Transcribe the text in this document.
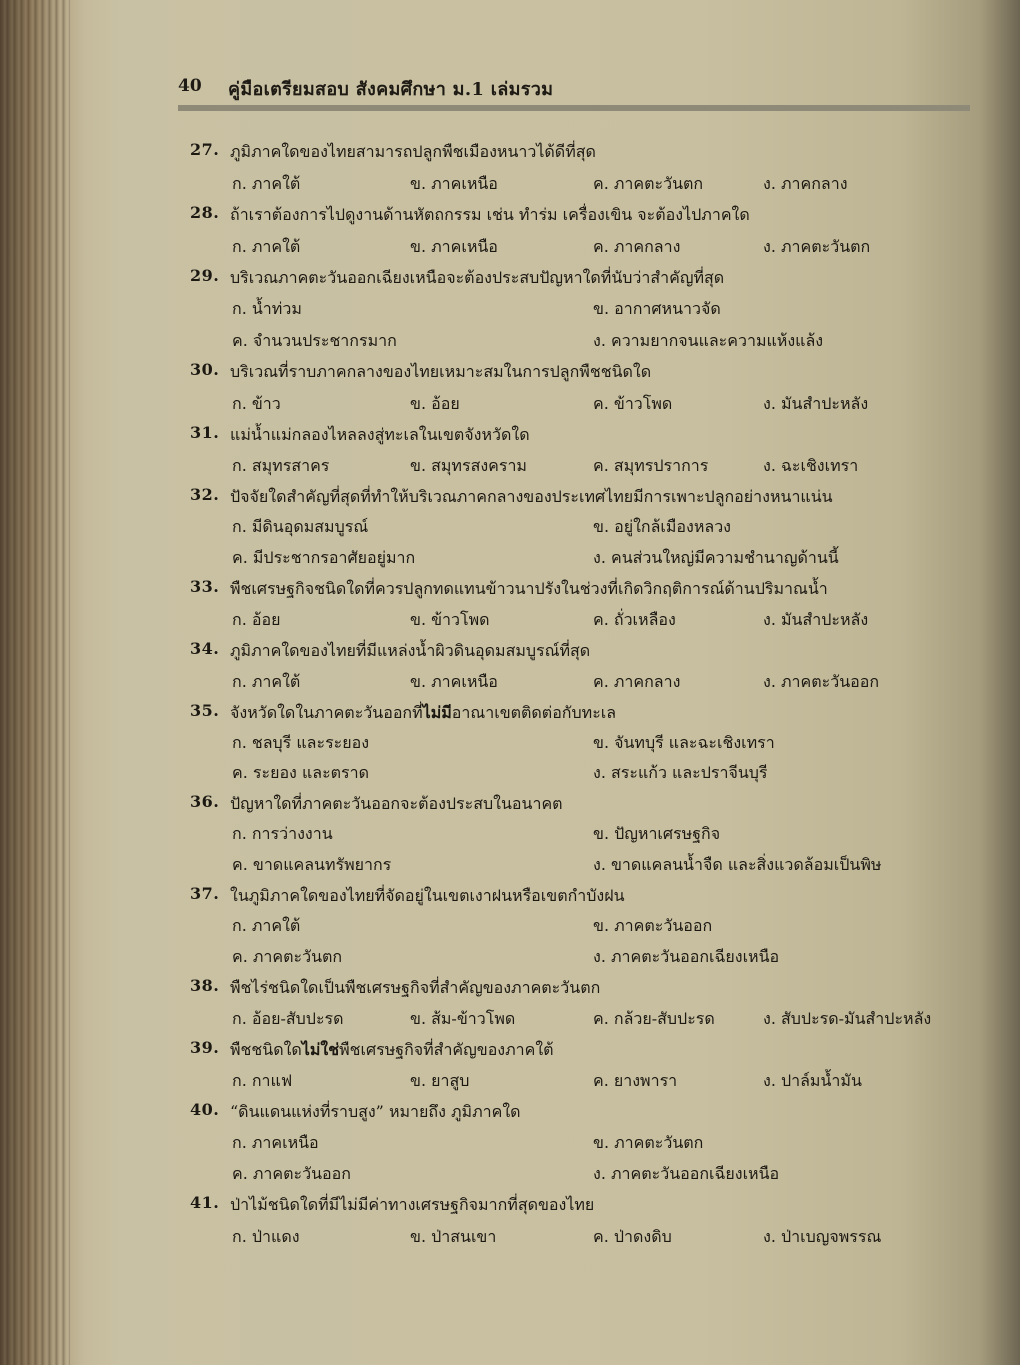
40 คู่มือเตรียมสอบ สังคมศึกษา ม.1 เล่มรวม
27. ภูมิภาคใดของไทยสามารถปลูกพืชเมืองหนาวได้ดีที่สุด
ก. ภาคใต้	ข. ภาคเหนือ	ค. ภาคตะวันตก	ง. ภาคกลาง
28. ถ้าเราต้องการไปดูงานด้านหัตถกรรม เช่น ทำร่ม เครื่องเขิน จะต้องไปภาคใด
ก. ภาคใต้	ข. ภาคเหนือ	ค. ภาคกลาง	ง. ภาคตะวันตก
29. บริเวณภาคตะวันออกเฉียงเหนือจะต้องประสบปัญหาใดที่นับว่าสำคัญที่สุด
ก. น้ำท่วม	ข. อากาศหนาวจัด
ค. จำนวนประชากรมาก	ง. ความยากจนและความแห้งแล้ง
30. บริเวณที่ราบภาคกลางของไทยเหมาะสมในการปลูกพืชชนิดใด
ก. ข้าว	ข. อ้อย	ค. ข้าวโพด	ง. มันสำปะหลัง
31. แม่น้ำแม่กลองไหลลงสู่ทะเลในเขตจังหวัดใด
ก. สมุทรสาคร	ข. สมุทรสงคราม	ค. สมุทรปราการ	ง. ฉะเชิงเทรา
32. ปัจจัยใดสำคัญที่สุดที่ทำให้บริเวณภาคกลางของประเทศไทยมีการเพาะปลูกอย่างหนาแน่น
ก. มีดินอุดมสมบูรณ์	ข. อยู่ใกล้เมืองหลวง
ค. มีประชากรอาศัยอยู่มาก	ง. คนส่วนใหญ่มีความชำนาญด้านนี้
33. พืชเศรษฐกิจชนิดใดที่ควรปลูกทดแทนข้าวนาปรังในช่วงที่เกิดวิกฤติการณ์ด้านปริมาณน้ำ
ก. อ้อย	ข. ข้าวโพด	ค. ถั่วเหลือง	ง. มันสำปะหลัง
34. ภูมิภาคใดของไทยที่มีแหล่งน้ำผิวดินอุดมสมบูรณ์ที่สุด
ก. ภาคใต้	ข. ภาคเหนือ	ค. ภาคกลาง	ง. ภาคตะวันออก
35. จังหวัดใดในภาคตะวันออกที่ไม่มีอาณาเขตติดต่อกับทะเล
ก. ชลบุรี และระยอง	ข. จันทบุรี และฉะเชิงเทรา
ค. ระยอง และตราด	ง. สระแก้ว และปราจีนบุรี
36. ปัญหาใดที่ภาคตะวันออกจะต้องประสบในอนาคต
ก. การว่างงาน	ข. ปัญหาเศรษฐกิจ
ค. ขาดแคลนทรัพยากร	ง. ขาดแคลนน้ำจืด และสิ่งแวดล้อมเป็นพิษ
37. ในภูมิภาคใดของไทยที่จัดอยู่ในเขตเงาฝนหรือเขตกำบังฝน
ก. ภาคใต้	ข. ภาคตะวันออก
ค. ภาคตะวันตก	ง. ภาคตะวันออกเฉียงเหนือ
38. พืชไร่ชนิดใดเป็นพืชเศรษฐกิจที่สำคัญของภาคตะวันตก
ก. อ้อย-สับปะรด	ข. ส้ม-ข้าวโพด	ค. กล้วย-สับปะรด	ง. สับปะรด-มันสำปะหลัง
39. พืชชนิดใดไม่ใช่พืชเศรษฐกิจที่สำคัญของภาคใต้
ก. กาแฟ	ข. ยาสูบ	ค. ยางพารา	ง. ปาล์มน้ำมัน
40. “ดินแดนแห่งที่ราบสูง” หมายถึง ภูมิภาคใด
ก. ภาคเหนือ	ข. ภาคตะวันตก
ค. ภาคตะวันออก	ง. ภาคตะวันออกเฉียงเหนือ
41. ป่าไม้ชนิดใดที่มีไม่มีค่าทางเศรษฐกิจมากที่สุดของไทย
ก. ป่าแดง	ข. ป่าสนเขา	ค. ป่าดงดิบ	ง. ป่าเบญจพรรณ
